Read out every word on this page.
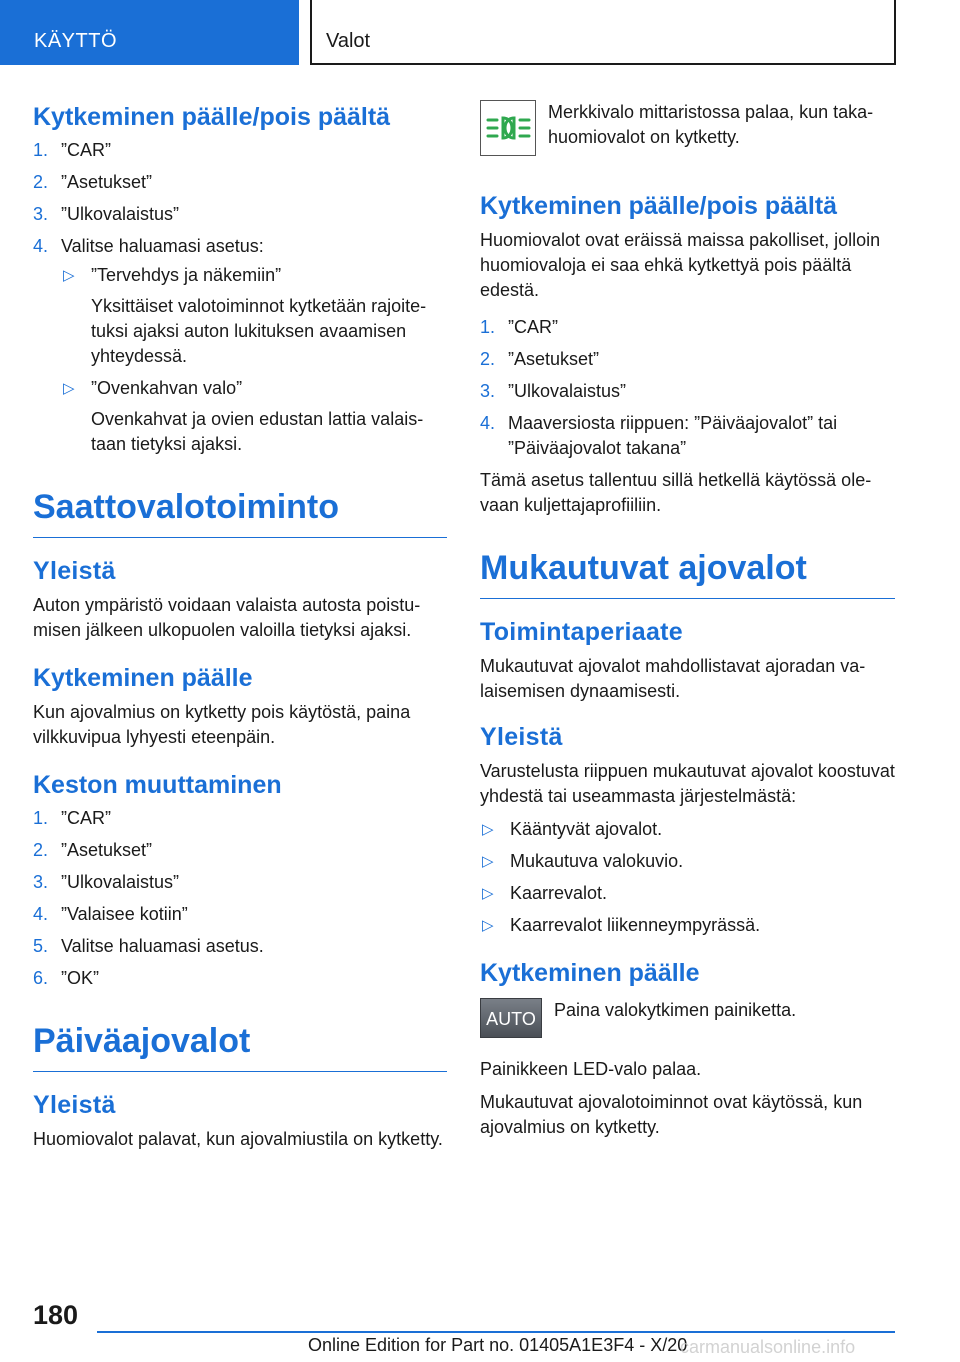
KÄYTTÖ	Valot
Kytkeminen päälle/pois päältä
1. ”CAR”
2. ”Asetukset”
3. ”Ulkovalaistus”
4. Valitse haluamasi asetus:
▷ ”Tervehdys ja näkemiin”
Yksittäiset valotoiminnot kytketään rajoitetuksi ajaksi auton lukituksen avaamisen yhteydessä.
▷ ”Ovenkahvan valo”
Ovenkahvat ja ovien edustan lattia valaistaan tietyksi ajaksi.
Saattovalotoiminto
Yleistä

Auton ympäristö voidaan valaista autosta poistumisen jälkeen ulkopuolen valoilla tietyksi ajaksi.

Kytkeminen päälle

Kun ajovalmius on kytketty pois käytöstä, paina vilkkuvipua lyhyesti eteenpäin.

Keston muuttaminen
1. ”CAR”
2. ”Asetukset”
3. ”Ulkovalaistus”
4. ”Valaisee kotiin”
5. Valitse haluamasi asetus.
6. ”OK”
Päiväajovalot
Yleistä

Huomiovalot palavat, kun ajovalmiustila on kytketty.

Merkkivalo mittaristossa palaa, kun takahuomiovalot on kytketty.

Kytkeminen päälle/pois päältä

Huomiovalot ovat eräissä maissa pakolliset, jolloin huomiovaloja ei saa ehkä kytkettyä pois päältä edestä.

1. ”CAR”
2. ”Asetukset”
3. ”Ulkovalaistus”
4. Maaversiosta riippuen: ”Päiväajovalot” tai ”Päiväajovalot takana”

Tämä asetus tallentuu sillä hetkellä käytössä olevaan kuljettajaprofiiliin.

Mukautuvat ajovalot
Toimintaperiaate

Mukautuvat ajovalot mahdollistavat ajoradan valaisemisen dynaamisesti.

Yleistä

Varustelusta riippuen mukautuvat ajovalot koostuvat yhdestä tai useammasta järjestelmästä:

▷ Kääntyvät ajovalot.
▷ Mukautuva valokuvio.
▷ Kaarrevalot.
▷ Kaarrevalot liikenneympyrässä.
Kytkeminen päälle
AUTO Paina valokytkimen painiketta.

Painikkeen LED-valo palaa.

Mukautuvat ajovalotoiminnot ovat käytössä, kun ajovalmius on kytketty.

180
Online Edition for Part no. 01405A1E3F4 - X/20
carmanualsonline.info
